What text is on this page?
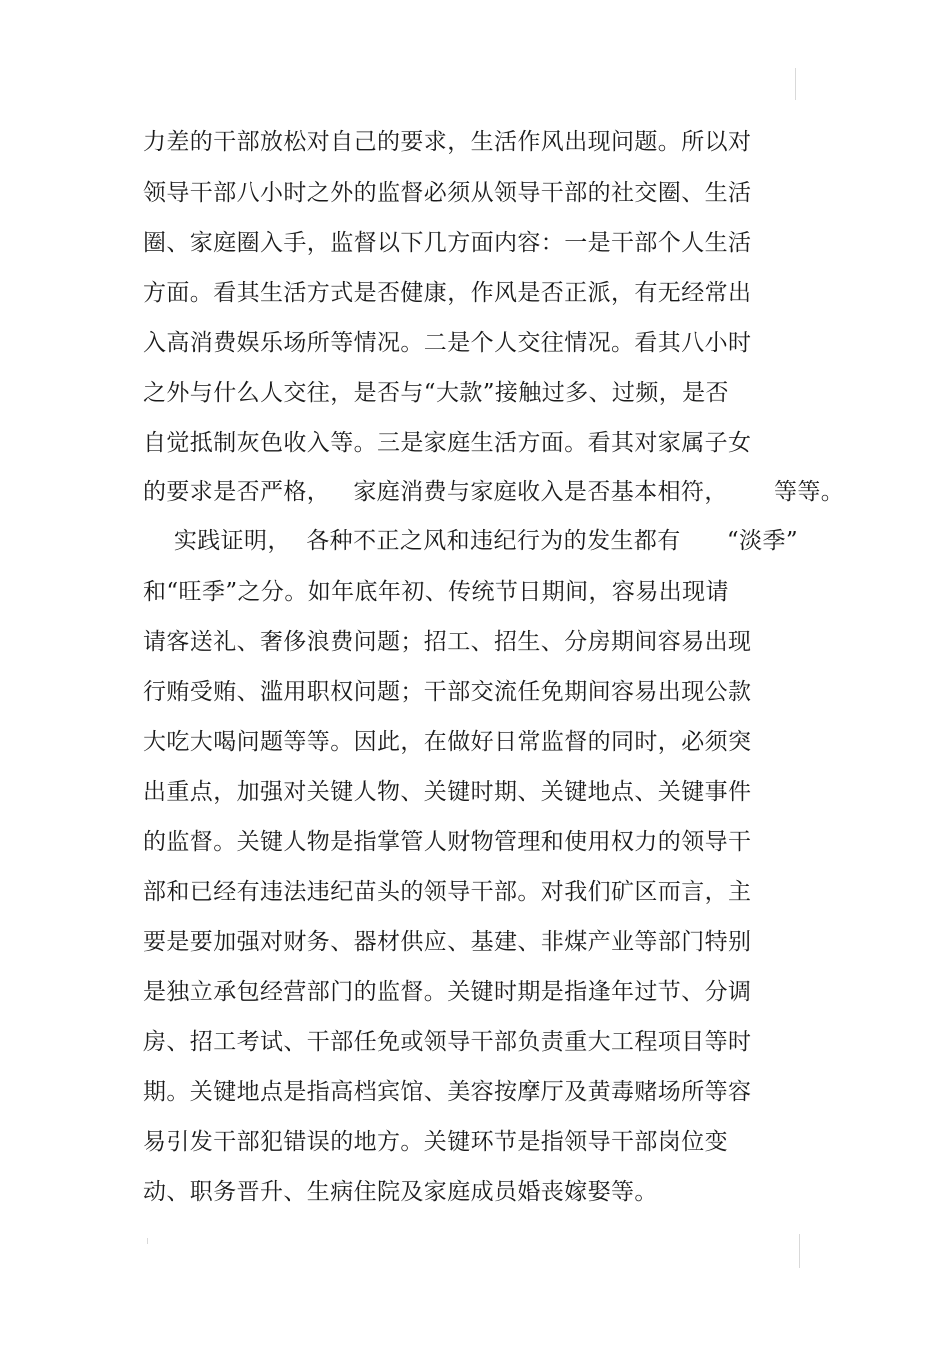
力差的干部放松对自己的要求，生活作风出现问题。所以对
领导干部八小时之外的监督必须从领导干部的社交圈、生活
圈、家庭圈入手，监督以下几方面内容：一是干部个人生活
方面。看其生活方式是否健康，作风是否正派，有无经常出
入高消费娱乐场所等情况。二是个人交往情况。看其八小时
之外与什么人交往，是否与“大款”接触过多、过频，是否
自觉抵制灰色收入等。三是家庭生活方面。看其对家属子女
的要求是否严格，   家庭消费与家庭收入是否基本相符，      等等。
实践证明，  各种不正之风和违纪行为的发生都有      “淡季”
和“旺季”之分。如年底年初、传统节日期间，容易出现请
请客送礼、奢侈浪费问题；招工、招生、分房期间容易出现
行贿受贿、滥用职权问题；干部交流任免期间容易出现公款
大吃大喝问题等等。因此，在做好日常监督的同时，必须突
出重点，加强对关键人物、关键时期、关键地点、关键事件
的监督。关键人物是指掌管人财物管理和使用权力的领导干
部和已经有违法违纪苗头的领导干部。对我们矿区而言，主
要是要加强对财务、器材供应、基建、非煤产业等部门特别
是独立承包经营部门的监督。关键时期是指逢年过节、分调
房、招工考试、干部任免或领导干部负责重大工程项目等时
期。关键地点是指高档宾馆、美容按摩厅及黄毒赌场所等容
易引发干部犯错误的地方。关键环节是指领导干部岗位变
动、职务晋升、生病住院及家庭成员婚丧嫁娶等。
